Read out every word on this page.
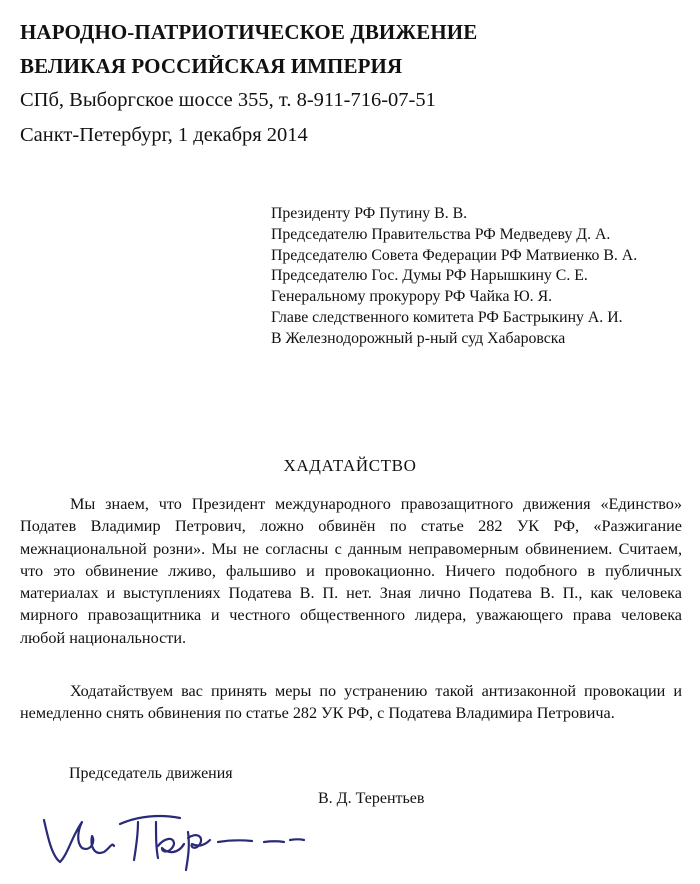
НАРОДНО-ПАТРИОТИЧЕСКОЕ ДВИЖЕНИЕ
ВЕЛИКАЯ РОССИЙСКАЯ ИМПЕРИЯ
СПб, Выборгское шоссе 355, т. 8-911-716-07-51
Санкт-Петербург, 1 декабря 2014
Президенту РФ Путину В. В.
Председателю Правительства РФ Медведеву Д. А.
Председателю Совета Федерации РФ Матвиенко В. А.
Председателю Гос. Думы РФ Нарышкину С. Е.
Генеральному прокурору РФ Чайка Ю. Я.
Главе следственного комитета РФ Бастрыкину А. И.
В Железнодорожный р-ный суд Хабаровска
ХАДАТАЙСТВО

Мы знаем, что Президент международного правозащитного движения «Единство» Податев Владимир Петрович, ложно обвинён по статье 282 УК РФ, «Разжигание межнациональной розни». Мы не согласны с данным неправомерным обвинением. Считаем, что это обвинение лживо, фальшиво и провокационно. Ничего подобного в публичных материалах и выступлениях Податева В. П. нет. Зная лично Податева В. П., как человека мирного правозащитника и честного общественного лидера, уважающего права человека любой национальности.

Ходатайствуем вас принять меры по устранению такой антизаконной провокации и немедленно снять обвинения по статье 282 УК РФ, с Податева Владимира Петровича.

Председатель движения
В. Д. Терентьев
